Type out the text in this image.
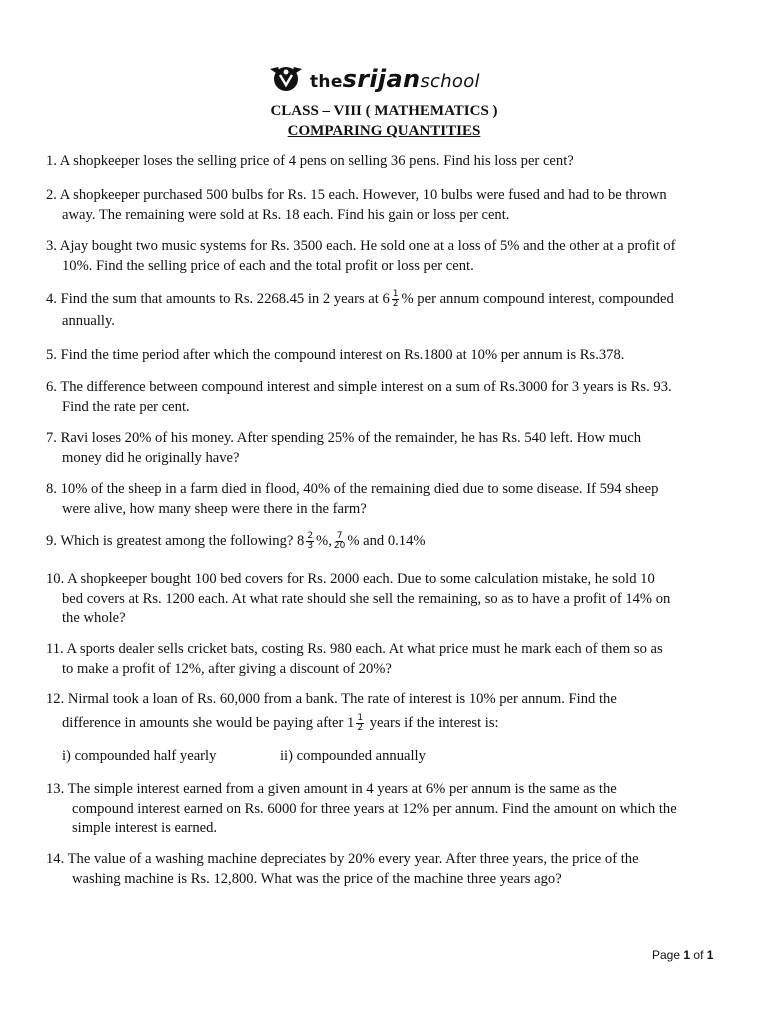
thesrijanschool
CLASS – VIII ( MATHEMATICS )
COMPARING QUANTITIES
1. A shopkeeper loses the selling price of 4 pens on selling 36 pens. Find his loss per cent?
2. A shopkeeper purchased 500 bulbs for Rs. 15 each. However, 10 bulbs were fused and had to be thrown
away. The remaining were sold at Rs. 18 each. Find his gain or loss per cent.
3. Ajay bought two music systems for Rs. 3500 each. He sold one at a loss of 5% and the other at a profit of
10%. Find the selling price of each and the total profit or loss per cent.
4. Find the sum that amounts to Rs. 2268.45 in 2 years at $6 \frac{1}{2}$ % per annum compound interest, compounded
annually.
5. Find the time period after which the compound interest on Rs.1800 at 10% per annum is Rs.378.
6. The difference between compound interest and simple interest on a sum of Rs.3000 for 3 years is Rs. 93.
Find the rate per cent.
7. Ravi loses 20% of his money. After spending 25% of the remainder, he has Rs. 540 left. How much
money did he originally have?
8. 10% of the sheep in a farm died in flood, 40% of the remaining died due to some disease. If 594 sheep
were alive, how many sheep were there in the farm?
9. Which is greatest among the following? $8 \frac{2}{3}$ %, $\frac{7}{20}$ % and 0.14%
10. A shopkeeper bought 100 bed covers for Rs. 2000 each. Due to some calculation mistake, he sold 10
bed covers at Rs. 1200 each. At what rate should she sell the remaining, so as to have a profit of 14% on
the whole?
11. A sports dealer sells cricket bats, costing Rs. 980 each. At what price must he mark each of them so as
to make a profit of 12%, after giving a discount of 20%?
12. Nirmal took a loan of Rs. 60,000 from a bank. The rate of interest is 10% per annum. Find the
difference in amounts she would be paying after $1 \frac{1}{2}$ years if the interest is:
i) compounded half yearly	ii) compounded annually
13. The simple interest earned from a given amount in 4 years at 6% per annum is the same as the
compound interest earned on Rs. 6000 for three years at 12% per annum. Find the amount on which the
simple interest is earned.
14. The value of a washing machine depreciates by 20% every year. After three years, the price of the
washing machine is Rs. 12,800. What was the price of the machine three years ago?
Page 1 of 1
